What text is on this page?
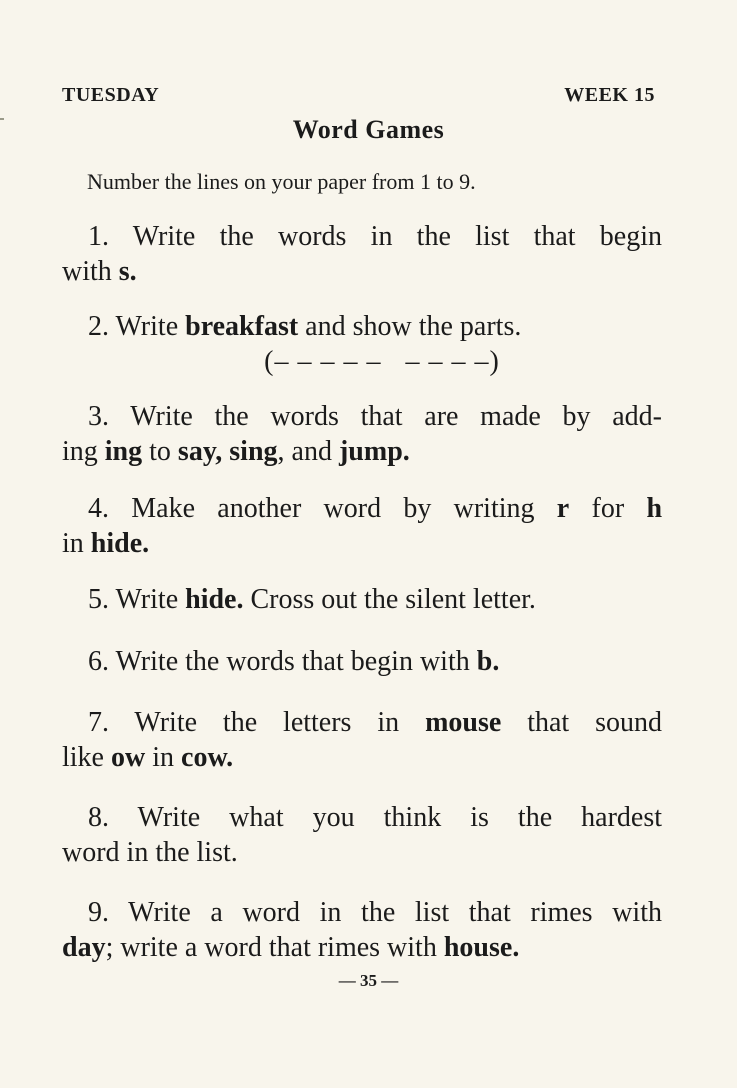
TUESDAY	WEEK 15
Word Games
Number the lines on your paper from 1 to 9.
1. Write the words in the list that begin
with s.
2. Write breakfast and show the parts.
(– – – – –   – – – –)
3. Write the words that are made by add-
ing ing to say, sing, and jump.
4. Make another word by writing r for h
in hide.
5. Write hide. Cross out the silent letter.
6. Write the words that begin with b.
7. Write the letters in mouse that sound
like ow in cow.
8. Write what you think is the hardest
word in the list.
9. Write a word in the list that rimes with
day; write a word that rimes with house.
— 35 —
